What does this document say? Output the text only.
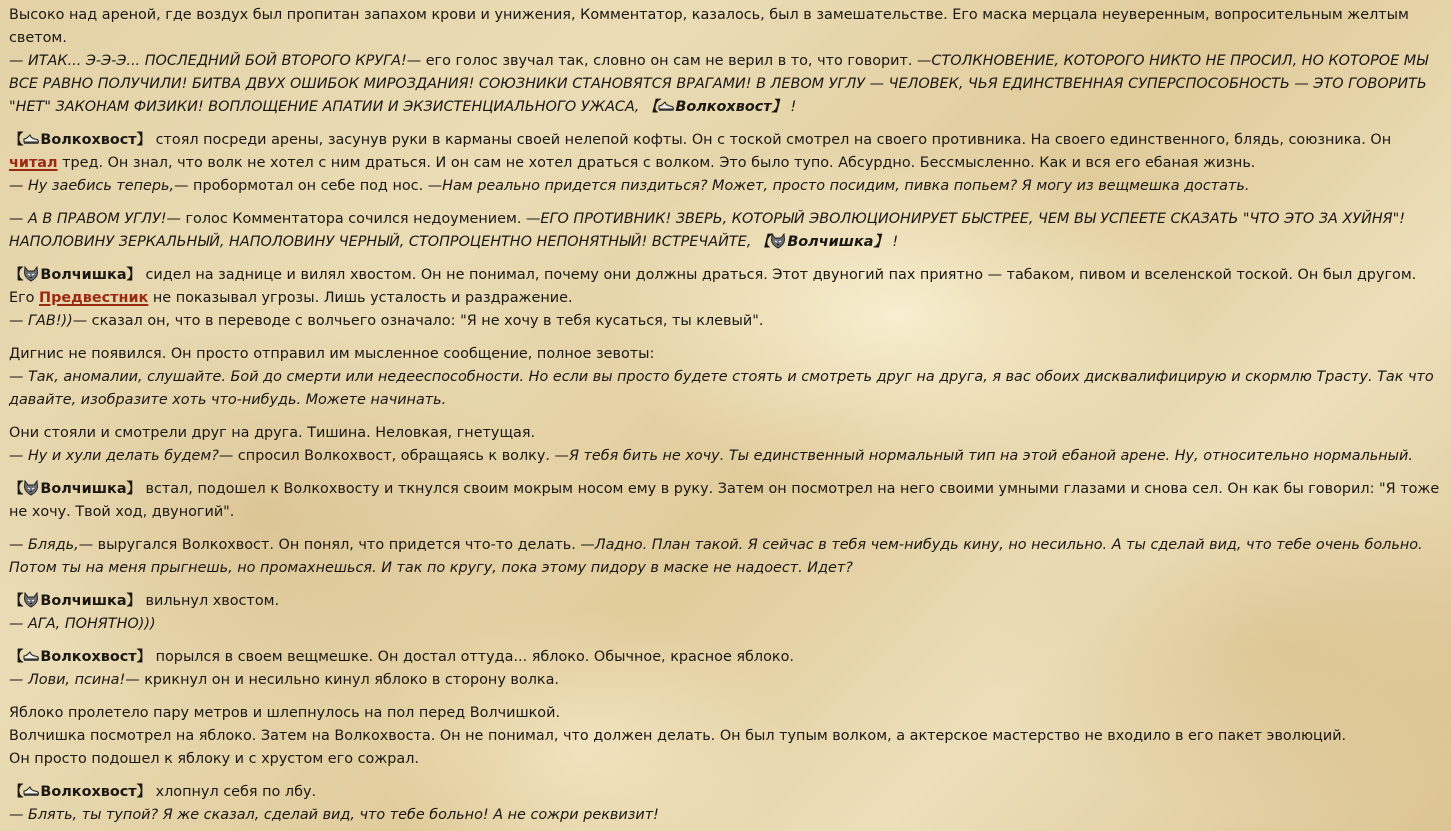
Высоко над ареной, где воздух был пропитан запахом крови и унижения, Комментатор, казалось, был в замешательстве. Его маска мерцала неуверенным, вопросительным желтым светом.
— ИТАК... Э-Э-Э... ПОСЛЕДНИЙ БОЙ ВТОРОГО КРУГА!— его голос звучал так, словно он сам не верил в то, что говорит. —СТОЛКНОВЕНИЕ, КОТОРОГО НИКТО НЕ ПРОСИЛ, НО КОТОРОЕ МЫ ВСЕ РАВНО ПОЛУЧИЛИ! БИТВА ДВУХ ОШИБОК МИРОЗДАНИЯ! СОЮЗНИКИ СТАНОВЯТСЯ ВРАГАМИ! В ЛЕВОМ УГЛУ — ЧЕЛОВЕК, ЧЬЯ ЕДИНСТВЕННАЯ СУПЕРСПОСОБНОСТЬ — ЭТО ГОВОРИТЬ "НЕТ" ЗАКОНАМ ФИЗИКИ! ВОПЛОЩЕНИЕ АПАТИИ И ЭКЗИСТЕНЦИАЛЬНОГО УЖАСА, 【 Волкохвост】 !
【 Волкохвост】 стоял посреди арены, засунув руки в карманы своей нелепой кофты. Он с тоской смотрел на своего противника. На своего единственного, блядь, союзника. Он читал тред. Он знал, что волк не хотел с ним драться. И он сам не хотел драться с волком. Это было тупо. Абсурдно. Бессмысленно. Как и вся его ебаная жизнь.
— Ну заебись теперь,— пробормотал он себе под нос. —Нам реально придется пиздиться? Может, просто посидим, пивка попьем? Я могу из вещмешка достать.
— А В ПРАВОМ УГЛУ!— голос Комментатора сочился недоумением. —ЕГО ПРОТИВНИК! ЗВЕРЬ, КОТОРЫЙ ЭВОЛЮЦИОНИРУЕТ БЫСТРЕЕ, ЧЕМ ВЫ УСПЕЕТЕ СКАЗАТЬ "ЧТО ЭТО ЗА ХУЙНЯ"! НАПОЛОВИНУ ЗЕРКАЛЬНЫЙ, НАПОЛОВИНУ ЧЕРНЫЙ, СТОПРОЦЕНТНО НЕПОНЯТНЫЙ! ВСТРЕЧАЙТЕ, 【 Волчишка】 !
【 Волчишка】 сидел на заднице и вилял хвостом. Он не понимал, почему они должны драться. Этот двуногий пах приятно — табаком, пивом и вселенской тоской. Он был другом. Его Предвестник не показывал угрозы. Лишь усталость и раздражение.
— ГАВ!))— сказал он, что в переводе с волчьего означало: "Я не хочу в тебя кусаться, ты клевый".
Дигнис не появился. Он просто отправил им мысленное сообщение, полное зевоты:
— Так, аномалии, слушайте. Бой до смерти или недееспособности. Но если вы просто будете стоять и смотреть друг на друга, я вас обоих дисквалифицирую и скормлю Трасту. Так что давайте, изобразите хоть что-нибудь. Можете начинать.
Они стояли и смотрели друг на друга. Тишина. Неловкая, гнетущая.
— Ну и хули делать будем?— спросил Волкохвост, обращаясь к волку. —Я тебя бить не хочу. Ты единственный нормальный тип на этой ебаной арене. Ну, относительно нормальный.
【 Волчишка】 встал, подошел к Волкохвосту и ткнулся своим мокрым носом ему в руку. Затем он посмотрел на него своими умными глазами и снова сел. Он как бы говорил: "Я тоже не хочу. Твой ход, двуногий".
— Блядь,— выругался Волкохвост. Он понял, что придется что-то делать. —Ладно. План такой. Я сейчас в тебя чем-нибудь кину, но несильно. А ты сделай вид, что тебе очень больно. Потом ты на меня прыгнешь, но промахнешься. И так по кругу, пока этому пидору в маске не надоест. Идет?
【 Волчишка】 вильнул хвостом.
— АГА, ПОНЯТНО)))
【 Волкохвост】 порылся в своем вещмешке. Он достал оттуда... яблоко. Обычное, красное яблоко.
— Лови, псина!— крикнул он и несильно кинул яблоко в сторону волка.
Яблоко пролетело пару метров и шлепнулось на пол перед Волчишкой.
Волчишка посмотрел на яблоко. Затем на Волкохвоста. Он не понимал, что должен делать. Он был тупым волком, а актерское мастерство не входило в его пакет эволюций.
Он просто подошел к яблоку и с хрустом его сожрал.
【 Волкохвост】 хлопнул себя по лбу.
— Блять, ты тупой? Я же сказал, сделай вид, что тебе больно! А не сожри реквизит!
